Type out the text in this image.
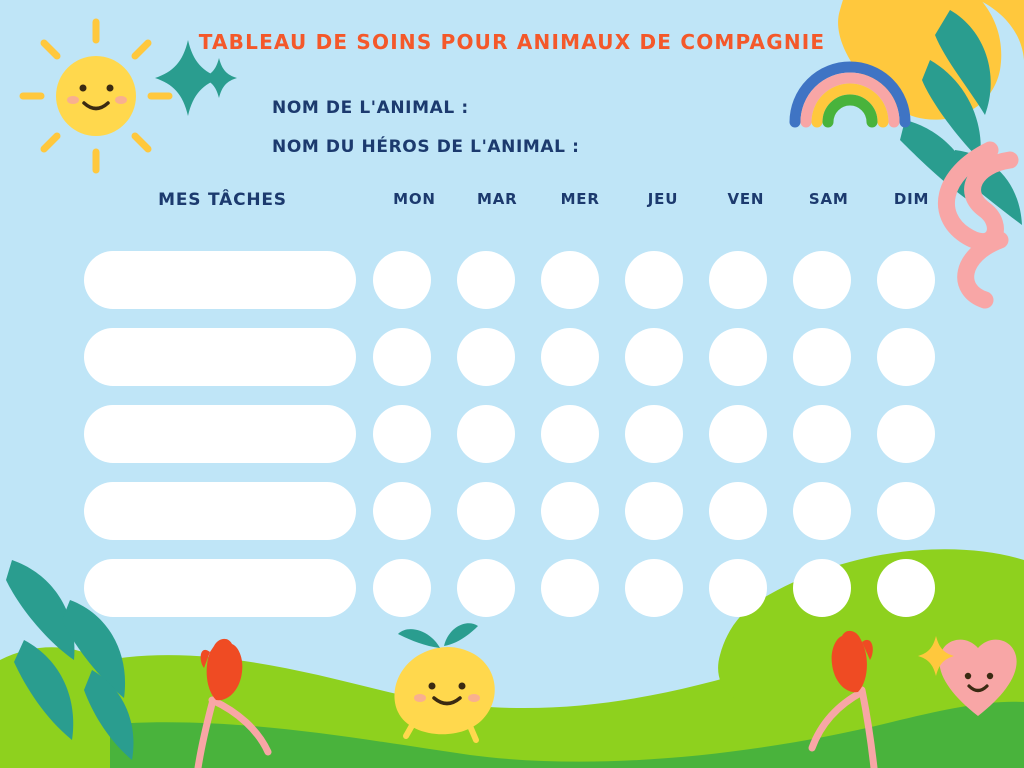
TABLEAU DE SOINS POUR ANIMAUX DE COMPAGNIE
NOM DE L'ANIMAL :
NOM DU HÉROS DE L'ANIMAL :
MES TÂCHES	MON	MAR	MER	JEU	VEN	SAM	DIM
